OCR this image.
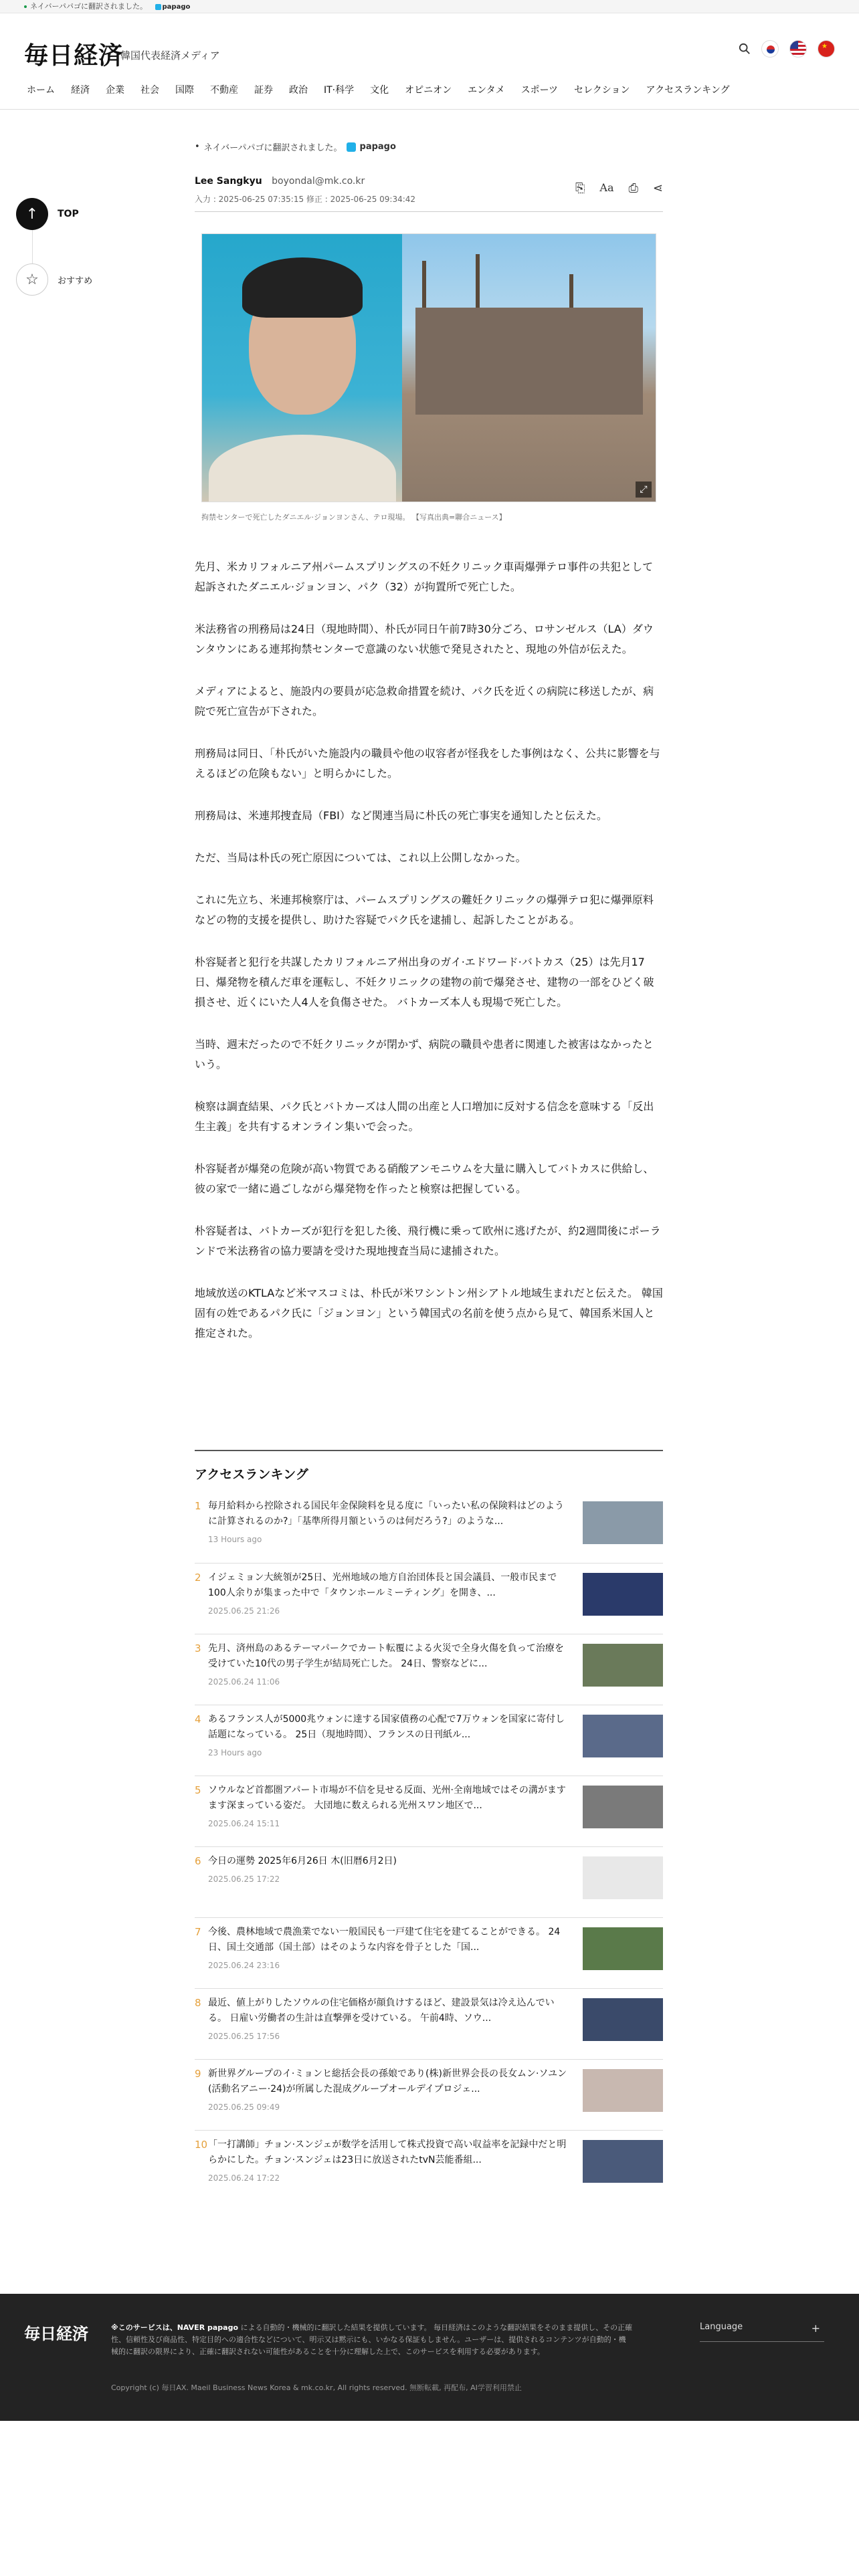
ネイバーパパゴに翻訳されました。 papago
毎日経済
韓国代表経済メディア
★
ホーム 経済 企業 社会 国際 不動産 証券 政治 IT·科学 文化 オピニオン エンタメ スポーツ セレクション アクセスランキング
↑	TOP
☆	おすすめ
• ネイバーパパゴに翻訳されました。 papago
Lee Sangkyu boyondal@mk.co.kr
入力 : 2025-06-25 07:35:15 修正 : 2025-06-25 09:34:42
⎘ Aa ⎙ ⋖
⤢
拘禁センターで死亡したダニエル·ジョンヨンさん、テロ現場。 【写真出典=聯合ニュース】

先月、米カリフォルニア州パームスプリングスの不妊クリニック車両爆弾テロ事件の共犯として起訴されたダニエル·ジョンヨン、パク（32）が拘置所で死亡した。

米法務省の刑務局は24日（現地時間）、朴氏が同日午前7時30分ごろ、ロサンゼルス（LA）ダウンタウンにある連邦拘禁センターで意識のない状態で発見されたと、現地の外信が伝えた。

メディアによると、施設内の要員が応急救命措置を続け、パク氏を近くの病院に移送したが、病院で死亡宣告が下された。

刑務局は同日、「朴氏がいた施設内の職員や他の収容者が怪我をした事例はなく、公共に影響を与えるほどの危険もない」と明らかにした。

刑務局は、米連邦捜査局（FBI）など関連当局に朴氏の死亡事実を通知したと伝えた。

ただ、当局は朴氏の死亡原因については、これ以上公開しなかった。

これに先立ち、米連邦検察庁は、パームスプリングスの難妊クリニックの爆弾テロ犯に爆弾原料などの物的支援を提供し、助けた容疑でパク氏を逮捕し、起訴したことがある。

朴容疑者と犯行を共謀したカリフォルニア州出身のガイ·エドワード·バトカス（25）は先月17日、爆発物を積んだ車を運転し、不妊クリニックの建物の前で爆発させ、建物の一部をひどく破損させ、近くにいた人4人を負傷させた。 バトカーズ本人も現場で死亡した。

当時、週末だったので不妊クリニックが閉かず、病院の職員や患者に関連した被害はなかったという。

検察は調査結果、パク氏とバトカーズは人間の出産と人口増加に反対する信念を意味する「反出生主義」を共有するオンライン集いで会った。

朴容疑者が爆発の危険が高い物質である硝酸アンモニウムを大量に購入してバトカスに供給し、彼の家で一緒に過ごしながら爆発物を作ったと検察は把握している。

朴容疑者は、バトカーズが犯行を犯した後、飛行機に乗って欧州に逃げたが、約2週間後にポーランドで米法務省の協力要請を受けた現地捜査当局に逮捕された。

地域放送のKTLAなど米マスコミは、朴氏が米ワシントン州シアトル地域生まれだと伝えた。 韓国固有の姓であるパク氏に「ジョンヨン」という韓国式の名前を使う点から見て、韓国系米国人と推定された。

アクセスランキング
1 毎月給料から控除される国民年金保険料を見る度に「いったい私の保険料はどのように計算されるのか?」「基準所得月額というのは何だろう?」のような...
13 Hours ago
2 イジェミョン大統領が25日、光州地域の地方自治団体長と国会議員、一般市民まで100人余りが集まった中で「タウンホールミーティング」を開き、...
2025.06.25 21:26
3 先月、済州島のあるテーマパークでカート転覆による火災で全身火傷を負って治療を受けていた10代の男子学生が結局死亡した。 24日、警察などに...
2025.06.24 11:06
4 あるフランス人が5000兆ウォンに達する国家債務の心配で7万ウォンを国家に寄付し話題になっている。 25日（現地時間）、フランスの日刊紙ル...
23 Hours ago
5 ソウルなど首都圏アパート市場が不信を見せる反面、光州·全南地域ではその溝がますます深まっている姿だ。 大団地に数えられる光州スワン地区で...
2025.06.24 15:11
6 今日の運勢 2025年6月26日 木(旧暦6月2日)
2025.06.25 17:22
7 今後、農林地域で農漁業でない一般国民も一戸建て住宅を建てることができる。 24日、国土交通部（国土部）はそのような内容を骨子とした「国...
2025.06.24 23:16
8 最近、値上がりしたソウルの住宅価格が顔負けするほど、建設景気は冷え込んでいる。 日雇い労働者の生計は直撃弾を受けている。 午前4時、ソウ...
2025.06.25 17:56
9 新世界グループのイ·ミョンヒ総括会長の孫娘であり(株)新世界会長の長女ムン·ソユン(活動名アニー·24)が所属した混成グループオールデイプロジェ...
2025.06.25 09:49
10 「一打講師」チョン·スンジェが数学を活用して株式投資で高い収益率を記録中だと明らかにした。チョン·スンジェは23日に放送されたtvN芸能番組...
2025.06.24 17:22
毎日経済	※このサービスは、NAVER papago による自動的・機械的に翻訳した結果を提供しています。 毎日経済はこのような翻訳結果をそのまま提供し、その正確性、信頼性及び商品性、特定目的への適合性などについて、明示又は黙示にも、いかなる保証もしません。ユーザーは、提供されるコンテンツが自動的・機械的に翻訳の限界により、正確に翻訳されない可能性があることを十分に理解した上で、このサービスを利用する必要があります。
Copyright (c) 毎日AX. Maeil Business News Korea & mk.co.kr, All rights reserved. 無断転載, 再配布, AI学習利用禁止
Language	+
